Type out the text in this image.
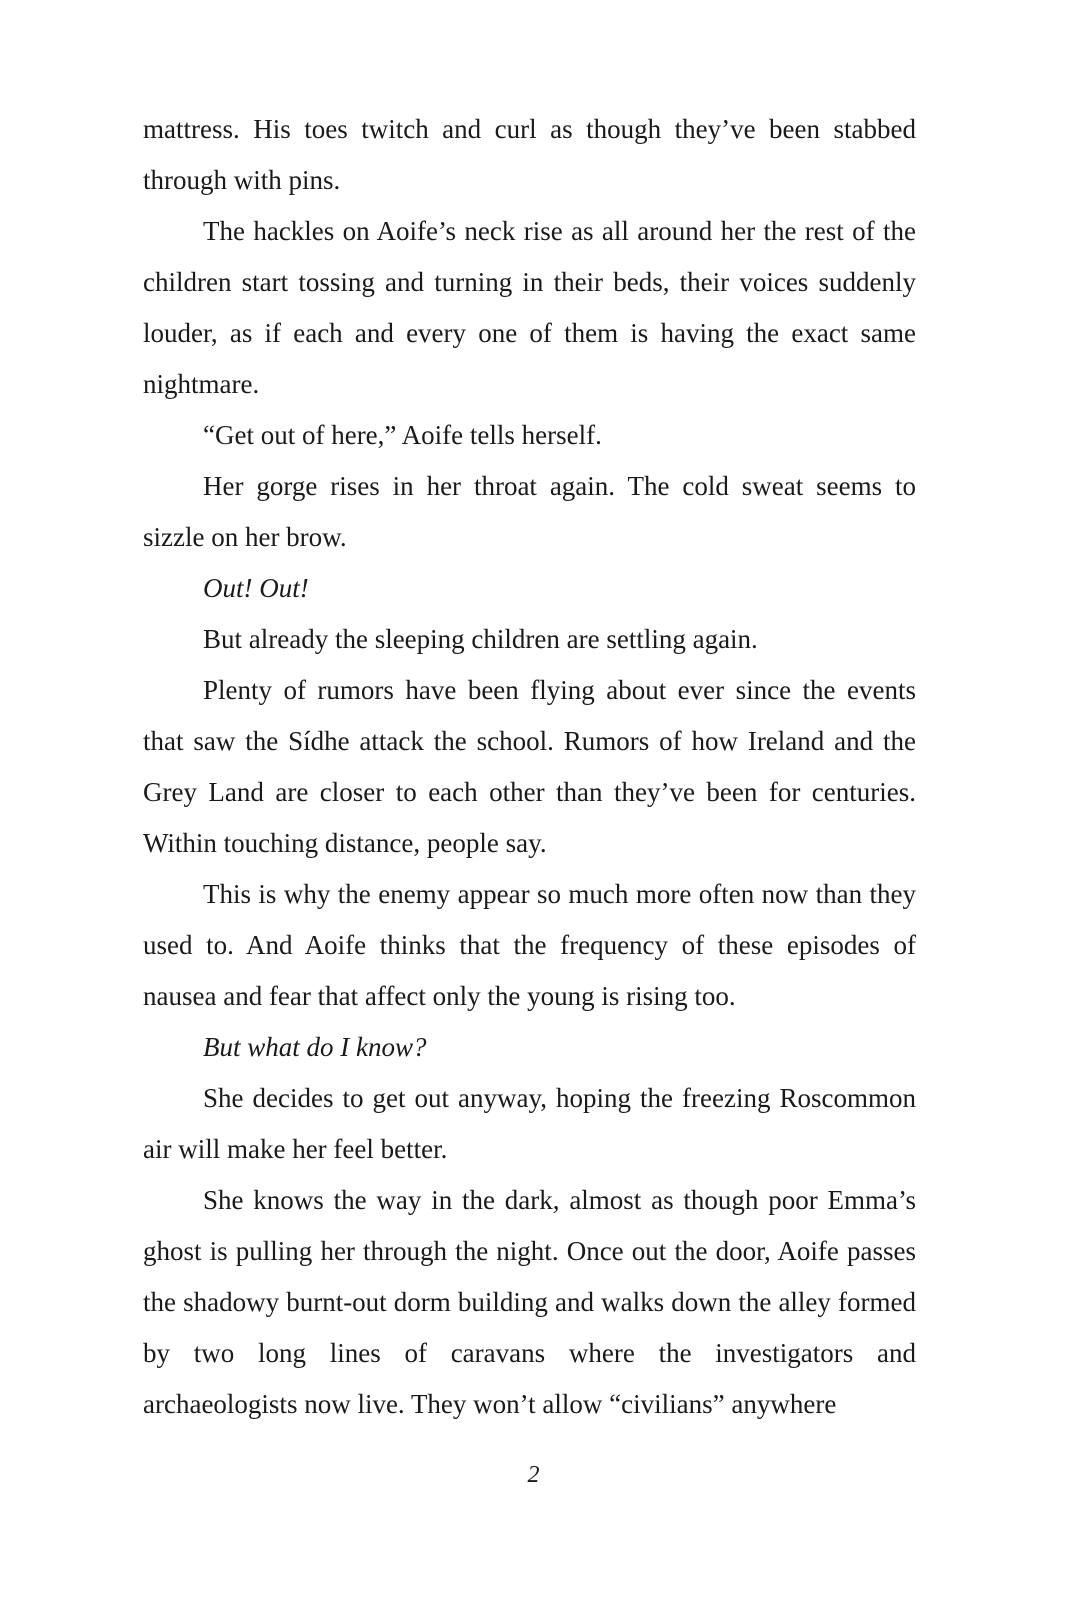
mattress. His toes twitch and curl as though they’ve been stabbed through with pins.

The hackles on Aoife’s neck rise as all around her the rest of the children start tossing and turning in their beds, their voices suddenly louder, as if each and every one of them is having the exact same nightmare.

“Get out of here,” Aoife tells herself.

Her gorge rises in her throat again. The cold sweat seems to sizzle on her brow.

Out! Out!

But already the sleeping children are settling again.

Plenty of rumors have been flying about ever since the events that saw the Sídhe attack the school. Rumors of how Ireland and the Grey Land are closer to each other than they’ve been for centuries. Within touching distance, people say.

This is why the enemy appear so much more often now than they used to. And Aoife thinks that the frequency of these episodes of nausea and fear that affect only the young is rising too.

But what do I know?

She decides to get out anyway, hoping the freezing Roscommon air will make her feel better.

She knows the way in the dark, almost as though poor Emma’s ghost is pulling her through the night. Once out the door, Aoife passes the shadowy burnt-out dorm building and walks down the alley formed by two long lines of caravans where the investigators and archaeologists now live. They won’t allow “civilians” anywhere

2
